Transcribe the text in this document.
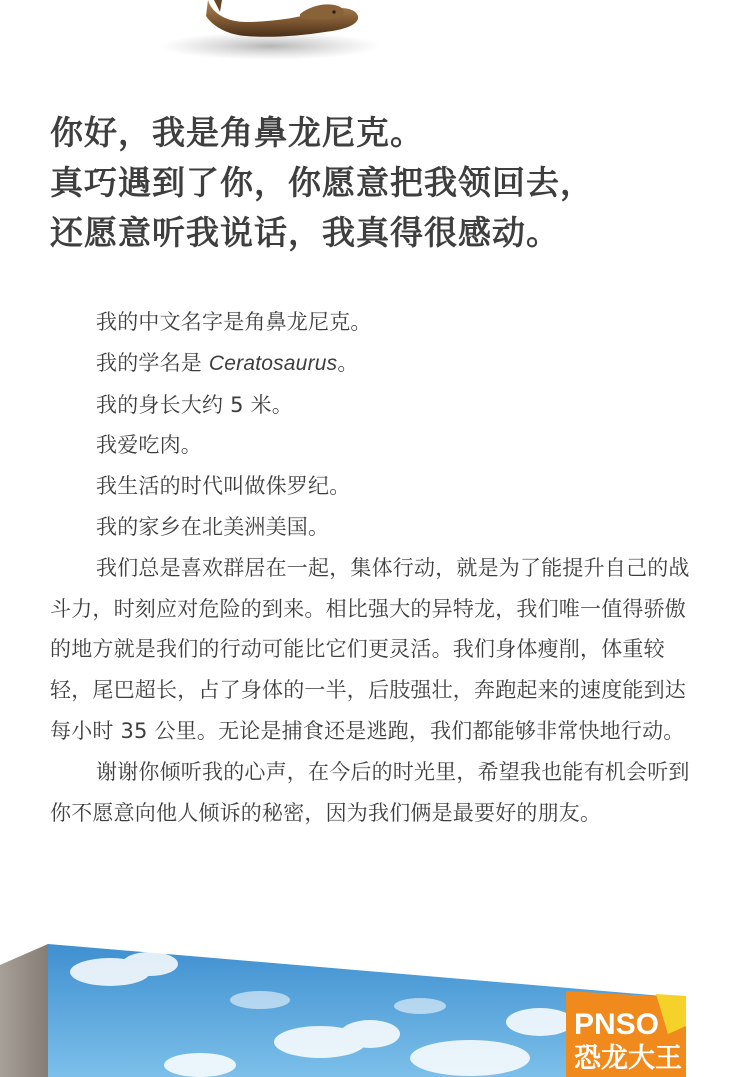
你好，我是角鼻龙尼克。
真巧遇到了你，你愿意把我领回去，
还愿意听我说话，我真得很感动。

我的中文名字是角鼻龙尼克。

我的学名是 Ceratosaurus。

我的身长大约 5 米。

我爱吃肉。

我生活的时代叫做侏罗纪。

我的家乡在北美洲美国。

我们总是喜欢群居在一起，集体行动，就是为了能提升自己的战斗力，时刻应对危险的到来。相比强大的异特龙，我们唯一值得骄傲的地方就是我们的行动可能比它们更灵活。我们身体瘦削，体重较轻，尾巴超长，占了身体的一半，后肢强壮，奔跑起来的速度能到达每小时 35 公里。无论是捕食还是逃跑，我们都能够非常快地行动。

谢谢你倾听我的心声，在今后的时光里，希望我也能有机会听到你不愿意向他人倾诉的秘密，因为我们俩是最要好的朋友。

PNSO
恐龙大王
